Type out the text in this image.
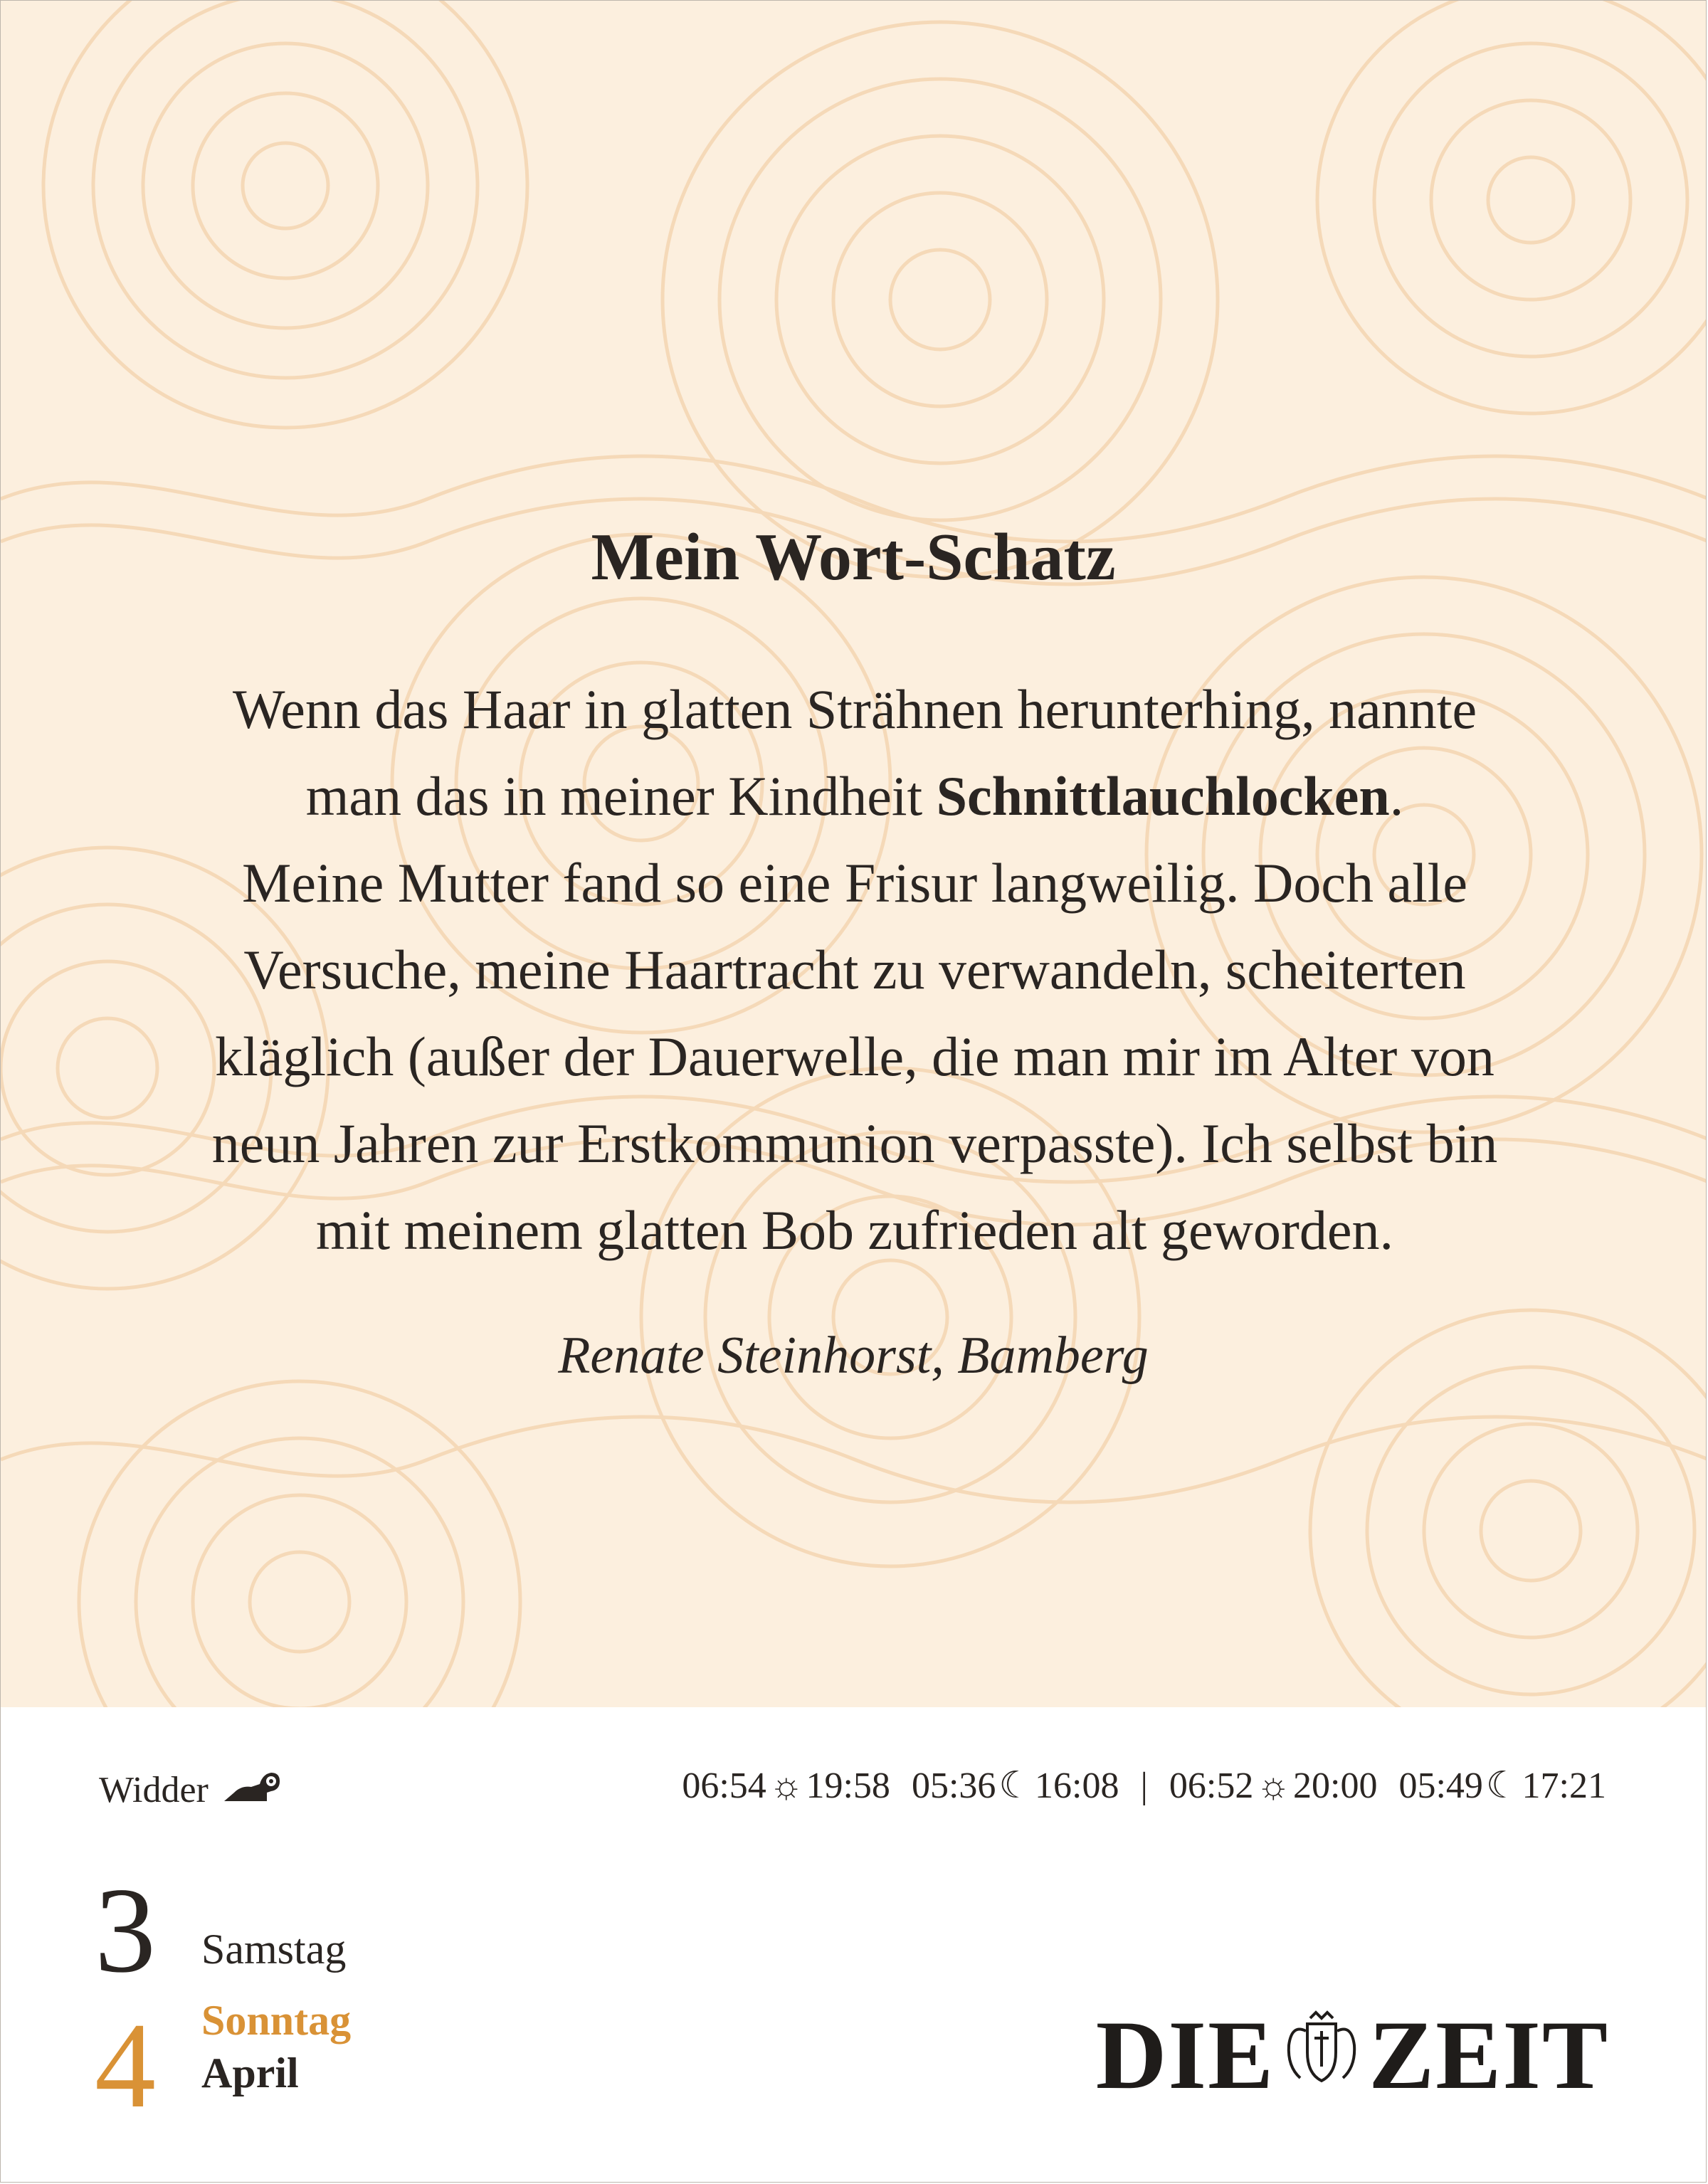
Mein Wort-Schatz
Wenn das Haar in glatten Strähnen herunterhing, nannte
man das in meiner Kindheit Schnittlauchlocken.
Meine Mutter fand so eine Frisur langweilig. Doch alle
Versuche, meine Haartracht zu verwandeln, scheiterten
kläglich (außer der Dauerwelle, die man mir im Alter von
neun Jahren zur Erstkommunion verpasste). Ich selbst bin
mit meinem glatten Bob zufrieden alt geworden.
Renate Steinhorst, Bamberg
Widder	06:54 ☼ 19:58 05:36 ☾ 16:08 | 06:52 ☼ 20:00 05:49 ☾ 17:21
3 Samstag
4 Sonntag
April	DIE ZEIT
